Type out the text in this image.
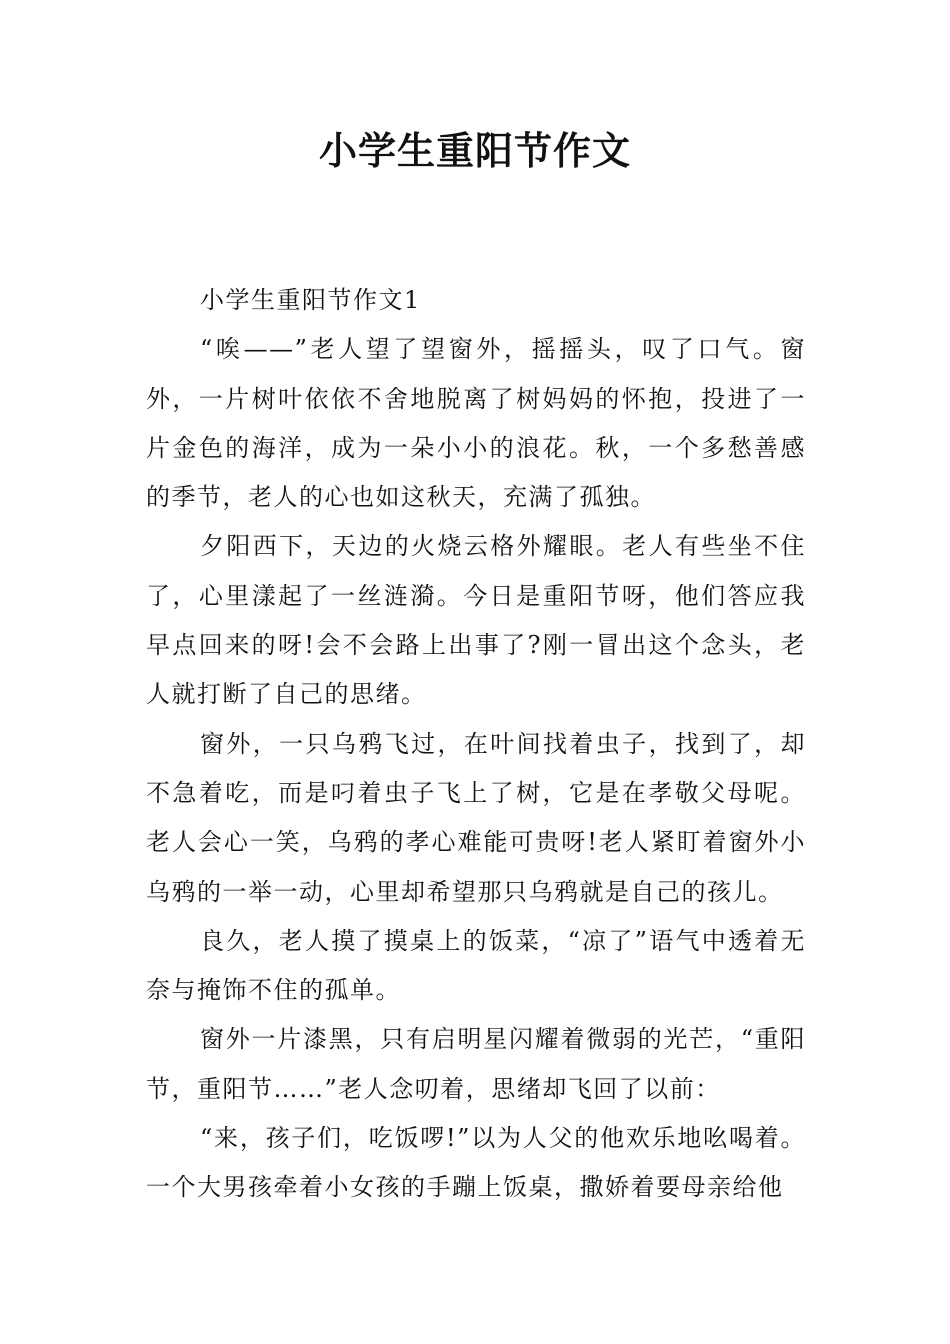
小学生重阳节作文

小学生重阳节作文1

“唉——”老人望了望窗外，摇摇头，叹了口气。窗外，一片树叶依依不舍地脱离了树妈妈的怀抱，投进了一片金色的海洋，成为一朵小小的浪花。秋，一个多愁善感的季节，老人的心也如这秋天，充满了孤独。

夕阳西下，天边的火烧云格外耀眼。老人有些坐不住了，心里漾起了一丝涟漪。今日是重阳节呀，他们答应我早点回来的呀!会不会路上出事了?刚一冒出这个念头，老人就打断了自己的思绪。

窗外，一只乌鸦飞过，在叶间找着虫子，找到了，却不急着吃，而是叼着虫子飞上了树，它是在孝敬父母呢。老人会心一笑，乌鸦的孝心难能可贵呀!老人紧盯着窗外小乌鸦的一举一动，心里却希望那只乌鸦就是自己的孩儿。

良久，老人摸了摸桌上的饭菜，“凉了”语气中透着无奈与掩饰不住的孤单。

窗外一片漆黑，只有启明星闪耀着微弱的光芒，“重阳节，重阳节……”老人念叨着，思绪却飞回了以前：

“来，孩子们，吃饭啰!”以为人父的他欢乐地吆喝着。一个大男孩牵着小女孩的手蹦上饭桌，撒娇着要母亲给他
